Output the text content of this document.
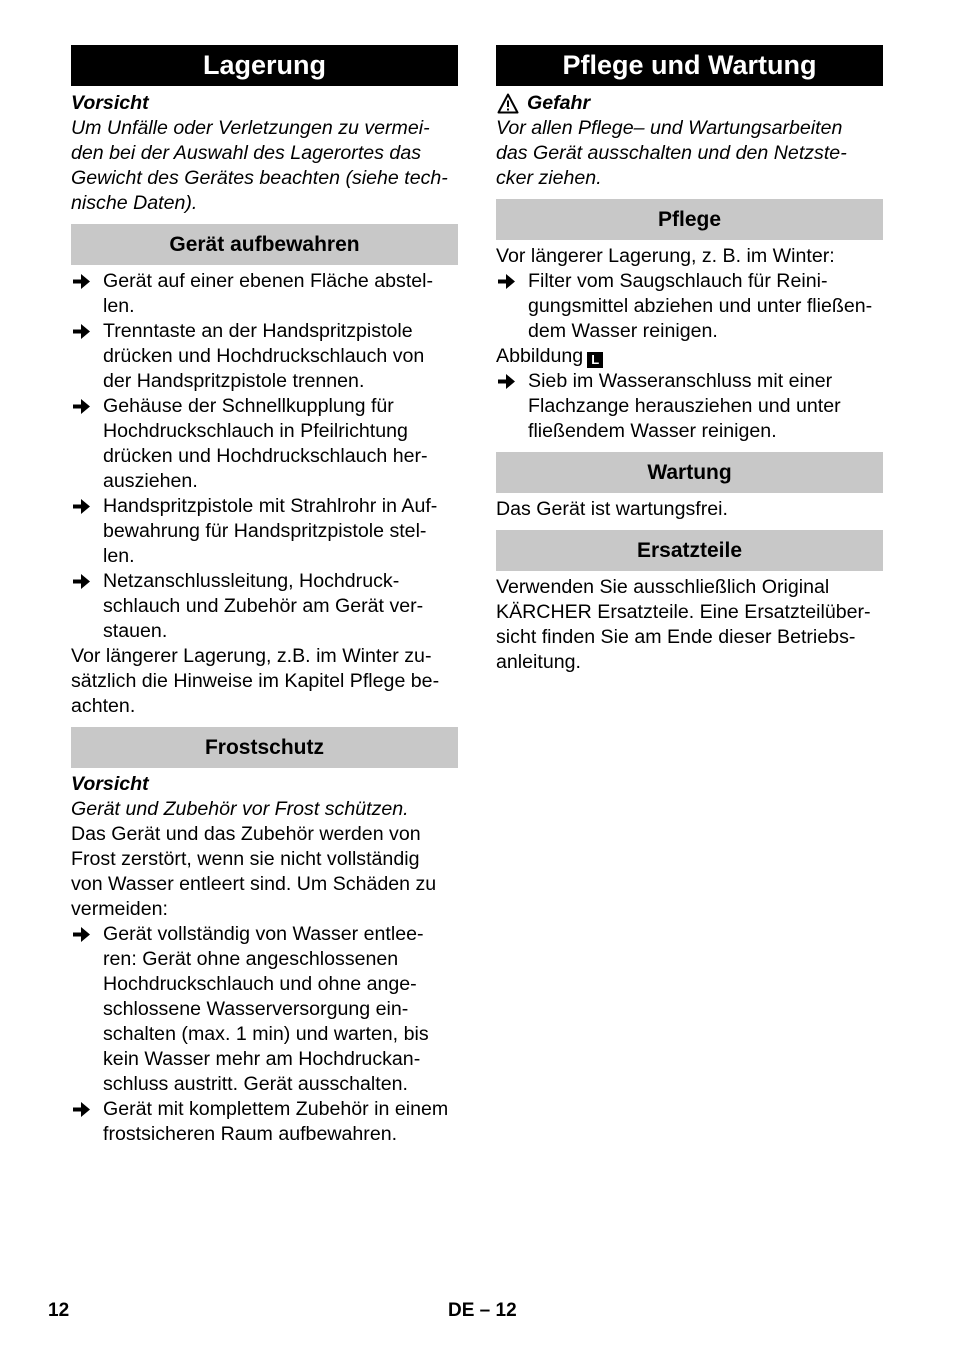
Lagerung
Vorsicht
Um Unfälle oder Verletzungen zu vermei-
den bei der Auswahl des Lagerortes das
Gewicht des Gerätes beachten (siehe tech-
nische Daten).
Gerät aufbewahren
Gerät auf einer ebenen Fläche abstel-
len.
Trenntaste an der Handspritzpistole
drücken und Hochdruckschlauch von
der Handspritzpistole trennen.
Gehäuse der Schnellkupplung für
Hochdruckschlauch in Pfeilrichtung
drücken und Hochdruckschlauch her-
ausziehen.
Handspritzpistole mit Strahlrohr in Auf-
bewahrung für Handspritzpistole stel-
len.
Netzanschlussleitung, Hochdruck-
schlauch und Zubehör am Gerät ver-
stauen.
Vor längerer Lagerung, z.B. im Winter zu-
sätzlich die Hinweise im Kapitel Pflege be-
achten.
Frostschutz
Vorsicht
Gerät und Zubehör vor Frost schützen.
Das Gerät und das Zubehör werden von
Frost zerstört, wenn sie nicht vollständig
von Wasser entleert sind. Um Schäden zu
vermeiden:
Gerät vollständig von Wasser entlee-
ren: Gerät ohne angeschlossenen
Hochdruckschlauch und ohne ange-
schlossene Wasserversorgung ein-
schalten (max. 1 min) und warten, bis
kein Wasser mehr am Hochdruckan-
schluss austritt. Gerät ausschalten.
Gerät mit komplettem Zubehör in einem
frostsicheren Raum aufbewahren.
Pflege und Wartung
Gefahr
Vor allen Pflege– und Wartungsarbeiten
das Gerät ausschalten und den Netzste-
cker ziehen.
Pflege
Vor längerer Lagerung, z. B. im Winter:
Filter vom Saugschlauch für Reini-
gungsmittel abziehen und unter fließen-
dem Wasser reinigen.
Abbildung L
Sieb im Wasseranschluss mit einer
Flachzange herausziehen und unter
fließendem Wasser reinigen.
Wartung
Das Gerät ist wartungsfrei.
Ersatzteile
Verwenden Sie ausschließlich Original
KÄRCHER Ersatzteile. Eine Ersatzteilüber-
sicht finden Sie am Ende dieser Betriebs-
anleitung.
12	DE – 12
